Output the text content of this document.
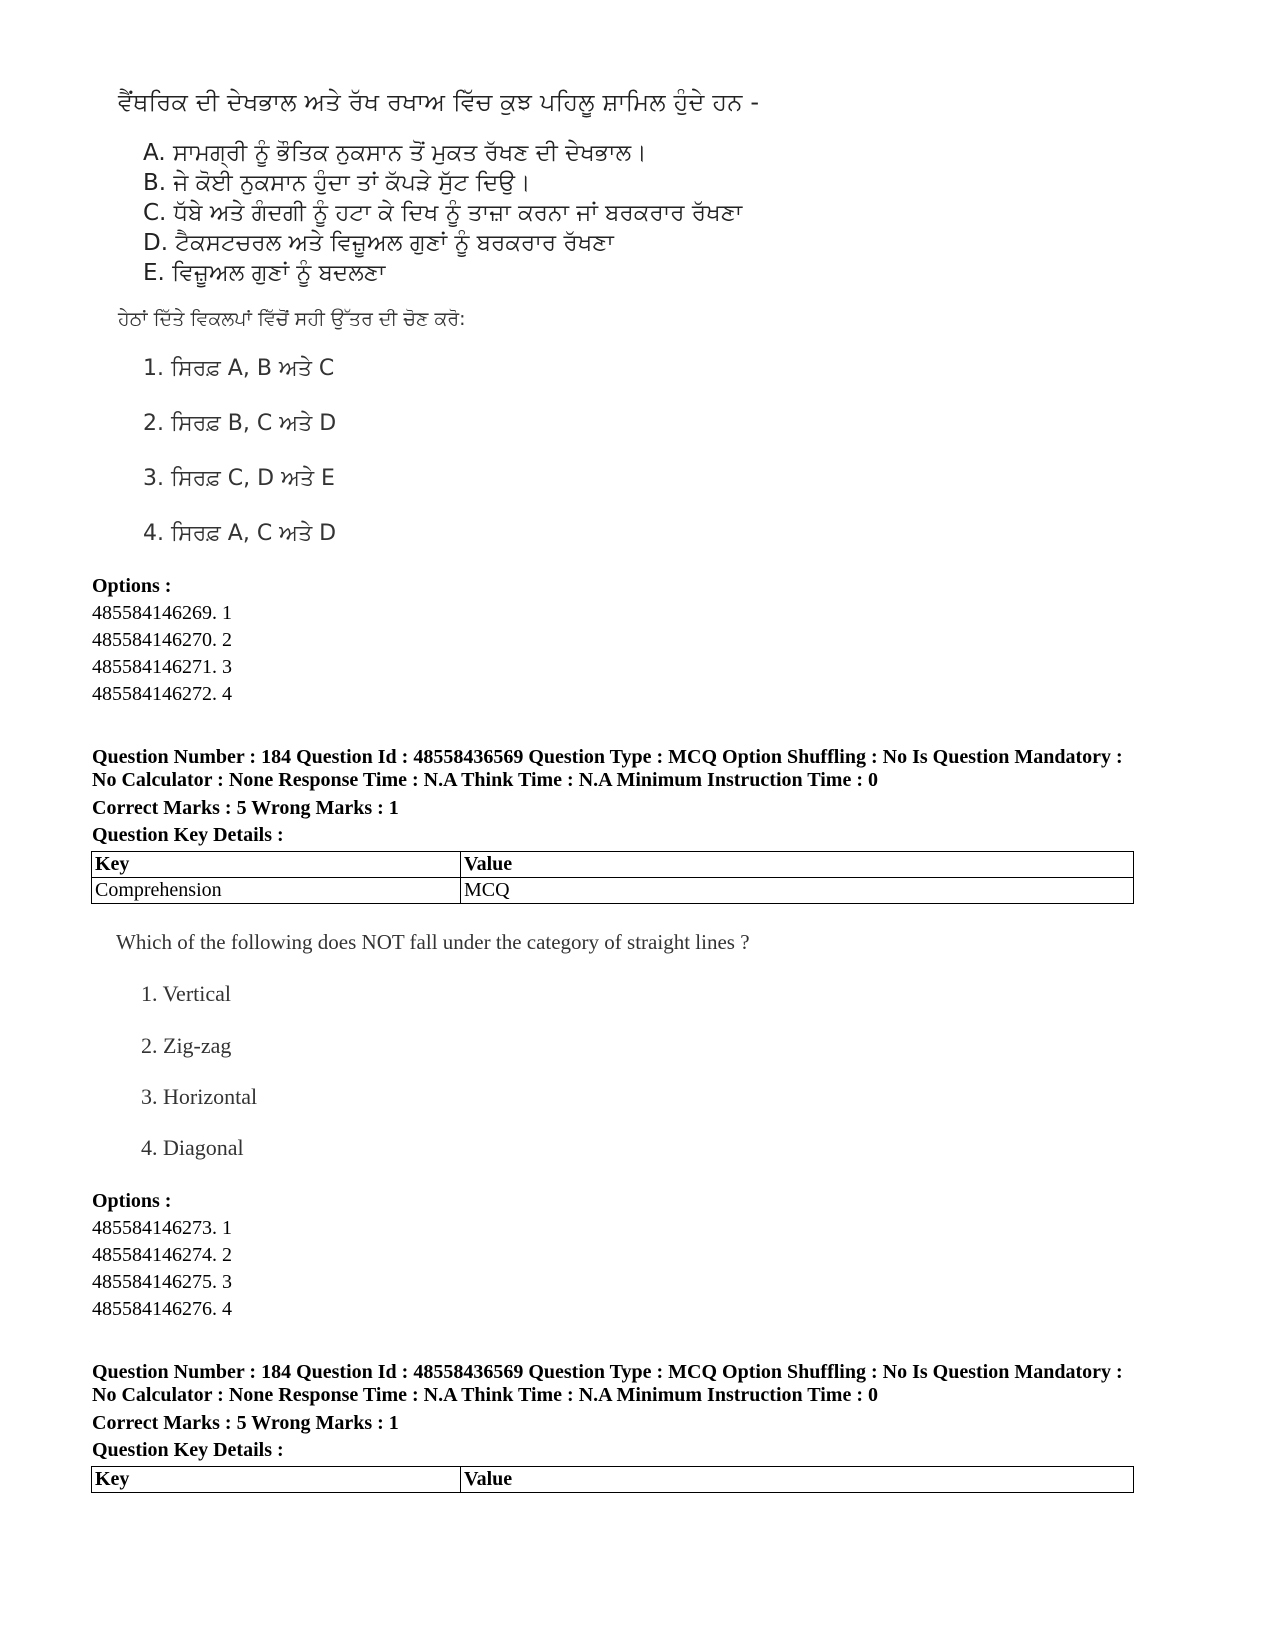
ਵੈਂਥਰਿਕ ਦੀ ਦੇਖਭਾਲ ਅਤੇ ਰੱਖ ਰਖਾਅ ਵਿੱਚ ਕੁਝ ਪਹਿਲੂ ਸ਼ਾਮਿਲ ਹੁੰਦੇ ਹਨ -
A. ਸਾਮਗ੍ਰੀ ਨੂੰ ਭੌਤਿਕ ਨੁਕਸਾਨ ਤੋਂ ਮੁਕਤ ਰੱਖਣ ਦੀ ਦੇਖਭਾਲ।
B. ਜੇ ਕੋਈ ਨੁਕਸਾਨ ਹੁੰਦਾ ਤਾਂ ਕੱਪੜੇ ਸੁੱਟ ਦਿਉ।
C. ਧੱਬੇ ਅਤੇ ਗੰਦਗੀ ਨੂੰ ਹਟਾ ਕੇ ਦਿਖ ਨੂੰ ਤਾਜ਼ਾ ਕਰਨਾ ਜਾਂ ਬਰਕਰਾਰ ਰੱਖਣਾ
D. ਟੈਕਸਟਚਰਲ ਅਤੇ ਵਿਜ਼ੂਅਲ ਗੁਣਾਂ ਨੂੰ ਬਰਕਰਾਰ ਰੱਖਣਾ
E. ਵਿਜ਼ੂਅਲ ਗੁਣਾਂ ਨੂੰ ਬਦਲਣਾ
ਹੇਠਾਂ ਦਿੱਤੇ ਵਿਕਲਪਾਂ ਵਿੱਚੋਂ ਸਹੀ ਉੱਤਰ ਦੀ ਚੋਣ ਕਰੋ:
1. ਸਿਰਫ਼ A, B ਅਤੇ C
2. ਸਿਰਫ਼ B, C ਅਤੇ D
3. ਸਿਰਫ਼ C, D ਅਤੇ E
4. ਸਿਰਫ਼ A, C ਅਤੇ D
Options :
485584146269. 1
485584146270. 2
485584146271. 3
485584146272. 4
Question Number : 184 Question Id : 48558436569 Question Type : MCQ Option Shuffling : No Is Question Mandatory :
No Calculator : None Response Time : N.A Think Time : N.A Minimum Instruction Time : 0
Correct Marks : 5 Wrong Marks : 1
Question Key Details :
Key	Value
Comprehension	MCQ
Which of the following does NOT fall under the category of straight lines ?
1. Vertical
2. Zig-zag
3. Horizontal
4. Diagonal
Options :
485584146273. 1
485584146274. 2
485584146275. 3
485584146276. 4
Question Number : 184 Question Id : 48558436569 Question Type : MCQ Option Shuffling : No Is Question Mandatory :
No Calculator : None Response Time : N.A Think Time : N.A Minimum Instruction Time : 0
Correct Marks : 5 Wrong Marks : 1
Question Key Details :
Key	Value
